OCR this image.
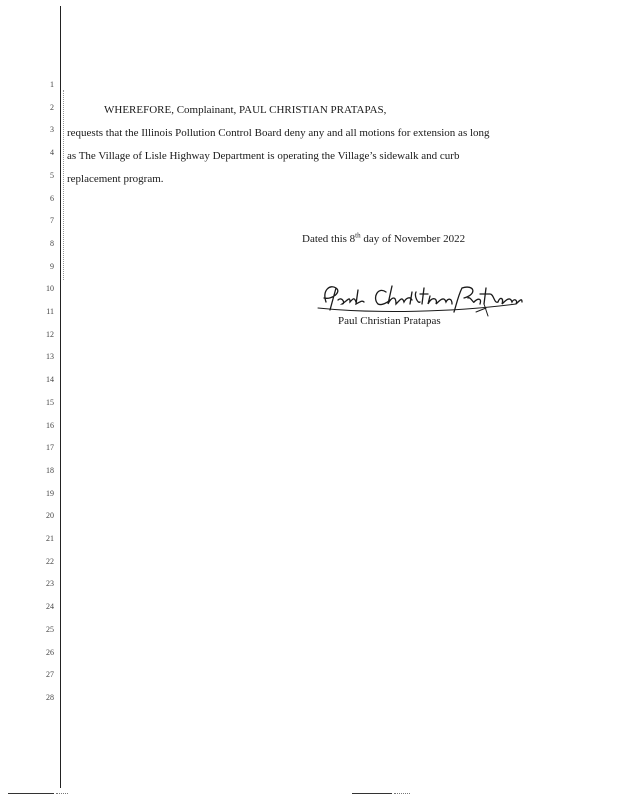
1
2
3
4
5
6
7
8
9
10
11
12
13
14
15
16
17
18
19
20
21
22
23
24
25
26
27
28
WHEREFORE, Complainant, PAUL CHRISTIAN PRATAPAS,
requests that the Illinois Pollution Control Board deny any and all motions for extension as long
as The Village of Lisle Highway Department is operating the Village’s sidewalk and curb
replacement program.
Dated this 8th day of November 2022
Paul Christian Pratapas
